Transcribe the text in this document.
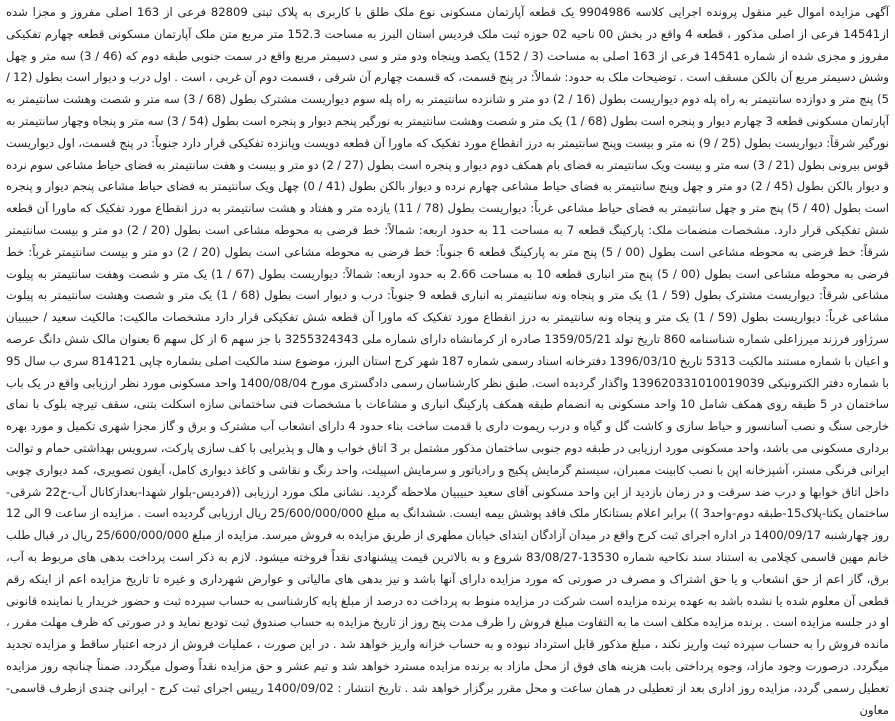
آگهی مزایده اموال غیر منقول پرونده اجرایی کلاسه 9904986 یک قطعه آپارتمان مسکونی نوع ملک طلق با کاربری به پلاک ثبتی 82809 فرعی از 163 اصلی مفروز و مجزا شده از14541 فرعی از اصلی مذکور ، قطعه 4 واقع در بخش 00 ناحیه 02 حوزه ثبت ملک فردیس استان البرز به مساحت 152.3 متر مربع متن ملک آپارتمان مسکونی قطعه چهارم تفکیکی مفروز و مجزی شده از شماره 14541 فرعی از 163 اصلی به مساحت (3 / 152) یکصد وپنجاه ودو متر و سی دسیمتر مربع واقع در سمت جنوبی طبقه دوم که (46 / 3) سه متر و چهل وشش دسیمتر مربع آن بالکن مسقف است . توضیحات ملک به حدود: شمالاً: در پنج قسمت، که قسمت چهارم آن شرقی ، قسمت دوم آن غربی ، است . اول درب و دیوار است بطول (12 / 5) پنج متر و دوازده سانتیمتر به راه پله دوم دیواریست بطول (16 / 2) دو متر و شانزده سانتیمتر به راه پله سوم دیواریست مشترک بطول (68 / 3) سه متر و شصت وهشت سانتیمتر به آپارتمان مسکونی قطعه 3 چهارم دیوار و پنجره است بطول (68 / 1) یک متر و شصت وهشت سانتیمتر به نورگیر پنجم دیوار و پنجره است بطول (54 / 3) سه متر و پنجاه وچهار سانتیمتر به نورگیر شرقاً: دیواریست بطول (25 / 9) نه متر و بیست وپنج سانتیمتر به درز انقطاع مورد تفکیک که ماورا آن قطعه دویست وپانزده تفکیکی قرار دارد جنوباً: در پنج قسمت، اول دیواریست قوس بیرونی بطول (21 / 3) سه متر و بیست ویک سانتیمتر به فضای بام همکف دوم دیوار و پنجره است بطول (27 / 2) دو متر و بیست و هفت سانتیمتر به فضای حیاط مشاعی سوم نرده و دیوار بالکن بطول (45 / 2) دو متر و چهل وپنج سانتیمتر به فضای حیاط مشاعی چهارم نرده و دیوار بالکن بطول (41 / 0) چهل ویک سانتیمتر به فضای حیاط مشاعی پنجم دیوار و پنجره است بطول (40 / 5) پنج متر و چهل سانتیمتر به فضای حیاط مشاعی غرباً: دیواریست بطول (78 / 11) یازده متر و هفتاد و هشت سانتیمتر به درز انقطاع مورد تفکیک که ماورا آن قطعه شش تفکیکی قرار دارد. مشخصات منضمات ملک: پارکینگ قطعه 7 به مساحت 11 به حدود اربعه: شمالاً: خط فرضی به محوطه مشاعی است بطول (20 / 2) دو متر و بیست سانتیمتر شرقاً: خط فرضی به محوطه مشاعی است بطول (00 / 5) پنج متر به پارکینگ قطعه 6 جنوباً: خط فرضی به محوطه مشاعی است بطول (20 / 2) دو متر و بیست سانتیمتر غرباً: خط فرضی به محوطه مشاعی است بطول (00 / 5) پنج متر انباری قطعه 10 به مساحت 2.66 به حدود اربعه: شمالاً: دیواریست بطول (67 / 1) یک متر و شصت وهفت سانتیمتر به پیلوت مشاعی شرقاً: دیواریست مشترک بطول (59 / 1) یک متر و پنجاه ونه سانتیمتر به انباری قطعه 9 جنوباً: درب و دیوار است بطول (68 / 1) یک متر و شصت وهشت سانتیمتر به پیلوت مشاعی غرباً: دیواریست بطول (59 / 1) یک متر و پنجاه ونه سانتیمتر به درز انقطاع مورد تفکیک که ماورا آن قطعه شش تفکیکی قرار دارد مشخصات مالکیت: مالکیت سعید / حبیبیان سرژاور فرزند میرزاعلی شماره شناسنامه 860 تاریخ تولد 1359/05/21 صادره از کرمانشاه دارای شماره ملی 3255324343 با جز سهم 6 از کل سهم 6 بعنوان مالک شش دانگ عرصه و اعیان با شماره مستند مالکیت 5313 تاریخ 1396/03/10 دفترخانه اسناد رسمی شماره 187 شهر کرج استان البرز، موضوع سند مالکیت اصلی بشماره چاپی 814121 سری ب سال 95 با شماره دفتر الکترونیکی 139620331010019039 واگذار گردیده است. طبق نظر کارشناسان رسمی دادگستری مورخ 1400/08/04 واحد مسکونی مورد نظر ارزیابی واقع در یک باب ساختمان در 5 طبقه روی همکف شامل 10 واحد مسکونی به انضمام طبقه همکف پارکینگ انباری و مشاعات با مشخصات فنی ساختمانی سازه اسکلت بتنی، سقف تیرچه بلوک با نمای خارجی سنگ و نصب آسانسور و حیاط سازی و کاشت گل و گیاه و درب ریموت داری با قدمت ساخت بناء حدود 4 دارای انشعاب آب مشترک و برق و گاز مجزا شهری تکمیل و مورد بهره برداری مسکونی می باشد، واحد مسکونی مورد ارزیابی در طبقه دوم جنوبی ساختمان مذکور مشتمل بر 3 اتاق خواب و هال و پذیرایی با کف سازی پارکت، سرویس بهداشتی حمام و توالت ایرانی فرنگی مستر، آشپزخانه اپن با نصب کابینت ممبران، سیستم گرمایش پکیج و رادیاتور و سرمایش اسپیلت، واحد رنگ و نقاشی و کاغذ دیواری کامل، آیفون تصویری، کمد دیواری چوبی داخل اتاق خوابها و درب ضد سرقت و در زمان بازدید از این واحد مسکونی آقای سعید حبیبیان ملاحظه گردید. نشانی ملک مورد ارزیابی ((فردیس-بلوار شهدا-بعدازکانال آب-خ22 شرقی-ساختمان یکتا-پلاک15-طبقه دوم-واحد3 )) برابر اعلام بستانکار ملک فاقد پوشش بیمه ایست. ششدانگ به مبلغ 25/600/000/000 ریال ارزیابی گردیده است . مزایده از ساعت 9 الی 12 روز چهارشنبه 1400/09/17 در اداره اجرای ثبت کرج واقع در میدان آزادگان ابتدای خیابان مطهری از طریق مزایده به فروش میرسد. مزایده از مبلغ 25/600/000/000 ریال در قبال طلب خانم مهین قاسمی کچلامی به استناد سند نکاحیه شماره 13530-83/08/27 شروع و به بالاترین قیمت پیشنهادی نقداً فروخته میشود. لازم به ذکر است پرداخت بدهی های مربوط به آب، برق، گاز اعم از حق انشعاب و یا حق اشتراک و مصرف در صورتی که مورد مزایده دارای آنها باشد و نیز بدهی های مالیاتی و عوارض شهرداری و غیره تا تاریخ مزایده اعم از اینکه رقم قطعی آن معلوم شده یا نشده باشد به عهده برنده مزایده است شرکت در مزایده منوط به پرداخت ده درصد از مبلغ پایه کارشناسی به حساب سپرده ثبت و حضور خریدار یا نماینده قانونی او در جلسه مزایده است . برنده مزایده مکلف است ما به التفاوت مبلغ فروش را ظرف مدت پنج روز از تاریخ مزایده به حساب صندوق ثبت تودیع نماید و در صورتی که ظرف مهلت مقرر ، مانده فروش را به حساب سپرده ثبت واریز نکند ، مبلغ مذکور قابل استرداد نبوده و به حساب خزانه واریز خواهد شد . در این صورت ، عملیات فروش از درجه اعتبار ساقط و مزایده تجدید میگردد. درصورت وجود مازاد، وجوه پرداختی بابت هزینه های فوق از محل مازاد به برنده مزایده مسترد خواهد شد و تیم عشر و حق مزایده نقداً وصول میگردد. ضمناً چنانچه روز مزایده تعطیل رسمی گردد، مزایده روز اداری بعد از تعطیلی در همان ساعت و محل مقرر برگزار خواهد شد . تاریخ انتشار : 1400/09/02 رییس اجرای ثبت کرج - ایرانی

چندی ازطرف قاسمی-معاون
